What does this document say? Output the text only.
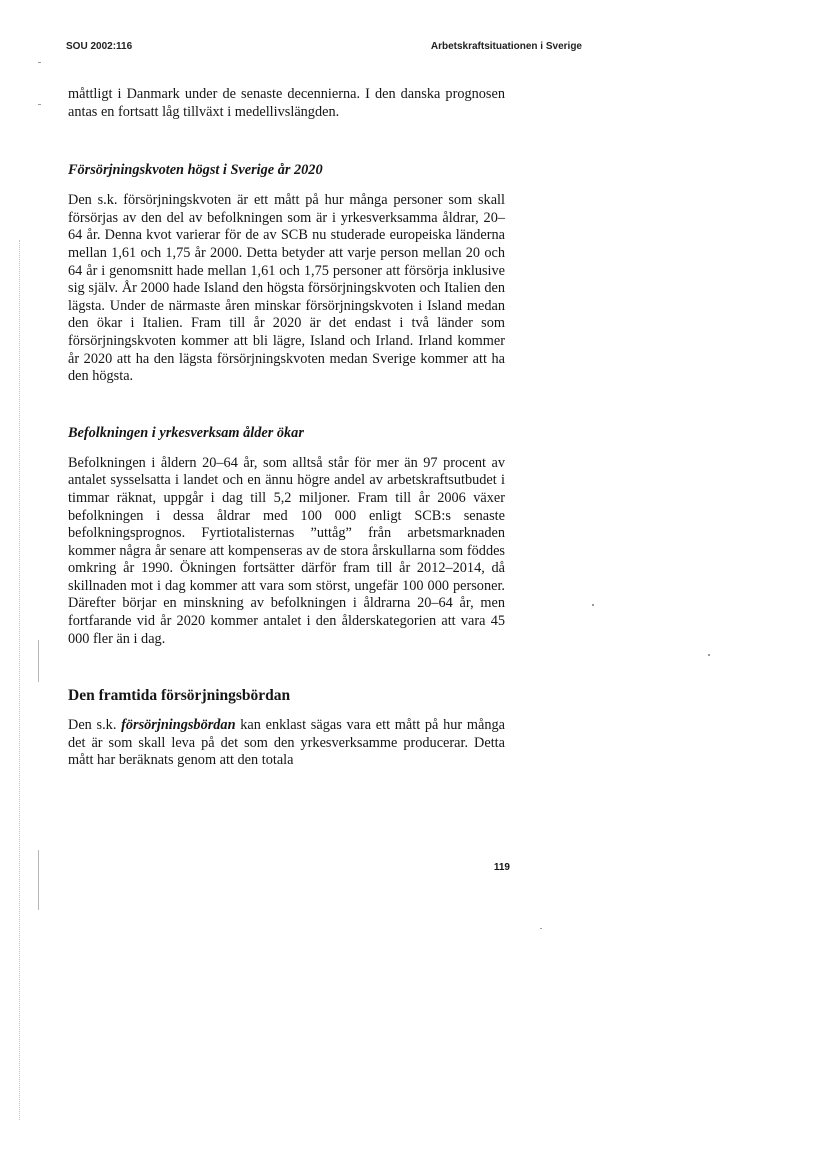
SOU 2002:116	Arbetskraftsituationen i Sverige

måttligt i Danmark under de senaste decennierna. I den danska prognosen antas en fortsatt låg tillväxt i medellivslängden.

Försörjningskvoten högst i Sverige år 2020

Den s.k. försörjningskvoten är ett mått på hur många personer som skall försörjas av den del av befolkningen som är i yrkesverksamma åldrar, 20–64 år. Denna kvot varierar för de av SCB nu studerade europeiska länderna mellan 1,61 och 1,75 år 2000. Detta betyder att varje person mellan 20 och 64 år i genomsnitt hade mellan 1,61 och 1,75 personer att försörja inklusive sig själv. År 2000 hade Island den högsta försörjningskvoten och Italien den lägsta. Under de närmaste åren minskar försörjningskvoten i Island medan den ökar i Italien. Fram till år 2020 är det endast i två länder som försörjningskvoten kommer att bli lägre, Island och Irland. Irland kommer år 2020 att ha den lägsta försörjningskvoten medan Sverige kommer att ha den högsta.

Befolkningen i yrkesverksam ålder ökar

Befolkningen i åldern 20–64 år, som alltså står för mer än 97 procent av antalet sysselsatta i landet och en ännu högre andel av arbetskraftsutbudet i timmar räknat, uppgår i dag till 5,2 miljoner. Fram till år 2006 växer befolkningen i dessa åldrar med 100 000 enligt SCB:s senaste befolkningsprognos. Fyrtiotalisternas ”uttåg” från arbetsmarknaden kommer några år senare att kompenseras av de stora årskullarna som föddes omkring år 1990. Ökningen fortsätter därför fram till år 2012–2014, då skillnaden mot i dag kommer att vara som störst, ungefär 100 000 personer. Därefter börjar en minskning av befolkningen i åldrarna 20–64 år, men fortfarande vid år 2020 kommer antalet i den ålderskategorien att vara 45 000 fler än i dag.

Den framtida försörjningsbördan

Den s.k. försörjningsbördan kan enklast sägas vara ett mått på hur många det är som skall leva på det som den yrkesverksamme producerar. Detta mått har beräknats genom att den totala

119
